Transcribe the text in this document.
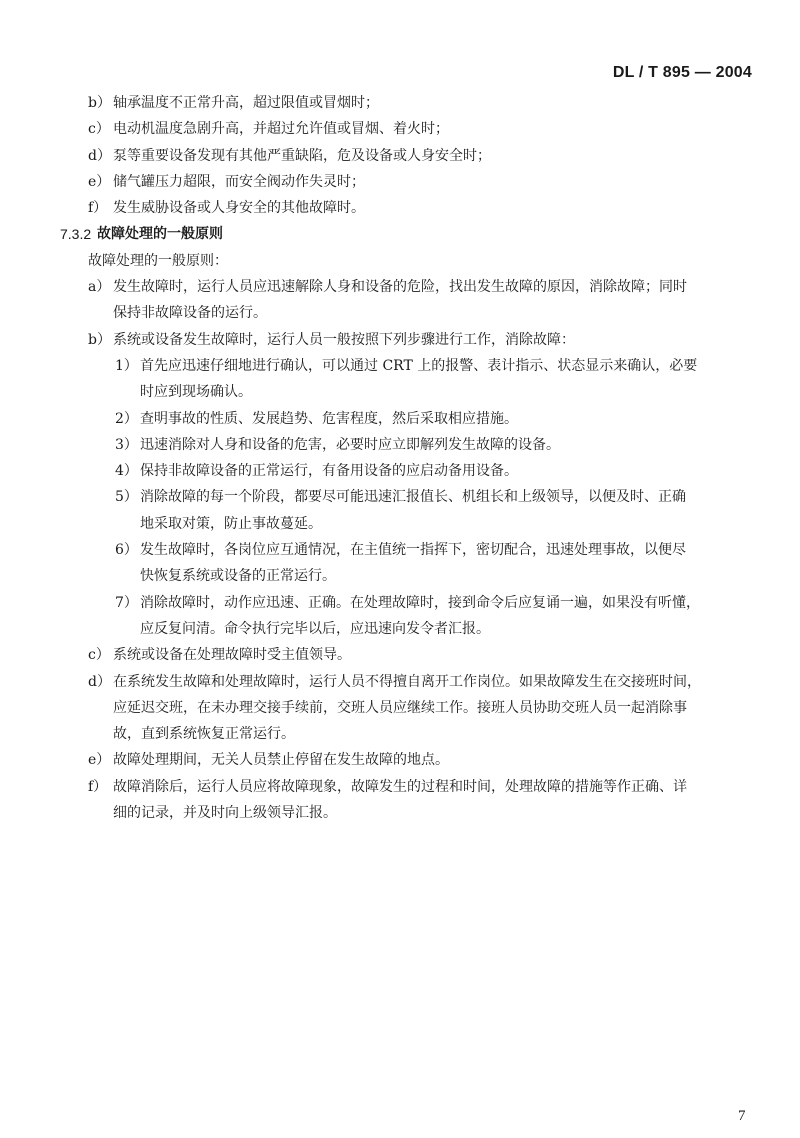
DL / T 895 — 2004
b） 轴承温度不正常升高，超过限值或冒烟时；
c） 电动机温度急剧升高，并超过允许值或冒烟、着火时；
d） 泵等重要设备发现有其他严重缺陷，危及设备或人身安全时；
e） 储气罐压力超限，而安全阀动作失灵时；
f） 发生威胁设备或人身安全的其他故障时。
7.3.2 故障处理的一般原则
故障处理的一般原则：
a） 发生故障时，运行人员应迅速解除人身和设备的危险，找出发生故障的原因，消除故障；同时
保持非故障设备的运行。
b） 系统或设备发生故障时，运行人员一般按照下列步骤进行工作，消除故障：
1） 首先应迅速仔细地进行确认，可以通过 CRT 上的报警、表计指示、状态显示来确认，必要
时应到现场确认。
2） 查明事故的性质、发展趋势、危害程度，然后采取相应措施。
3） 迅速消除对人身和设备的危害，必要时应立即解列发生故障的设备。
4） 保持非故障设备的正常运行，有备用设备的应启动备用设备。
5） 消除故障的每一个阶段，都要尽可能迅速汇报值长、机组长和上级领导，以便及时、正确
地采取对策，防止事故蔓延。
6） 发生故障时，各岗位应互通情况，在主值统一指挥下，密切配合，迅速处理事故，以便尽
快恢复系统或设备的正常运行。
7） 消除故障时，动作应迅速、正确。在处理故障时，接到命令后应复诵一遍，如果没有听懂，
应反复问清。命令执行完毕以后，应迅速向发令者汇报。
c） 系统或设备在处理故障时受主值领导。
d） 在系统发生故障和处理故障时，运行人员不得擅自离开工作岗位。如果故障发生在交接班时间，
应延迟交班，在未办理交接手续前，交班人员应继续工作。接班人员协助交班人员一起消除事
故，直到系统恢复正常运行。
e） 故障处理期间，无关人员禁止停留在发生故障的地点。
f） 故障消除后，运行人员应将故障现象，故障发生的过程和时间，处理故障的措施等作正确、详
细的记录，并及时向上级领导汇报。
7
